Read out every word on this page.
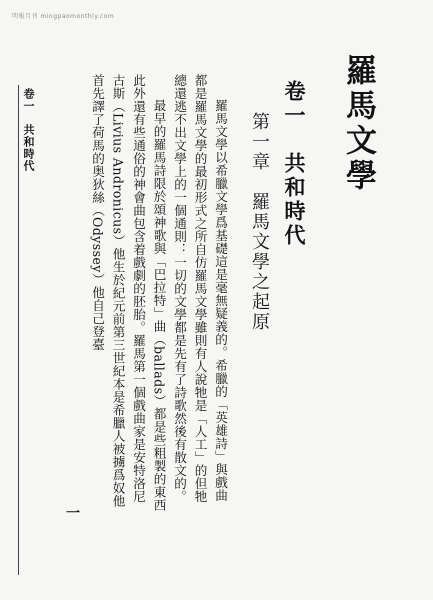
明報月刊 mingpaomonthly.com
羅馬文學
卷一　共和時代
第一章　羅馬文學之起原

羅馬文學以希臘文學爲基礎這是毫無疑義的。希臘的「英雄詩」與戲曲都是羅馬文學的最初形式之所自仿羅馬文學雖則有人說牠是「人工」的但牠總還逃不出文學上的一個通則：一切的文學都是先有了詩歌然後有散文的。

最早的羅馬詩限於頌神歌與「巴拉特」曲（ballads）都是些粗製的東西此外還有些通俗的神會曲包含着戲劇的胚胎。羅馬第一個戲曲家是安特洛尼古斯（Livius Andronicus）他生於紀元前第三世紀本是希臘人被擄爲奴他首先譯了荷馬的奥狄絲（Odyssey）他自己登臺

卷一　共和時代
一
